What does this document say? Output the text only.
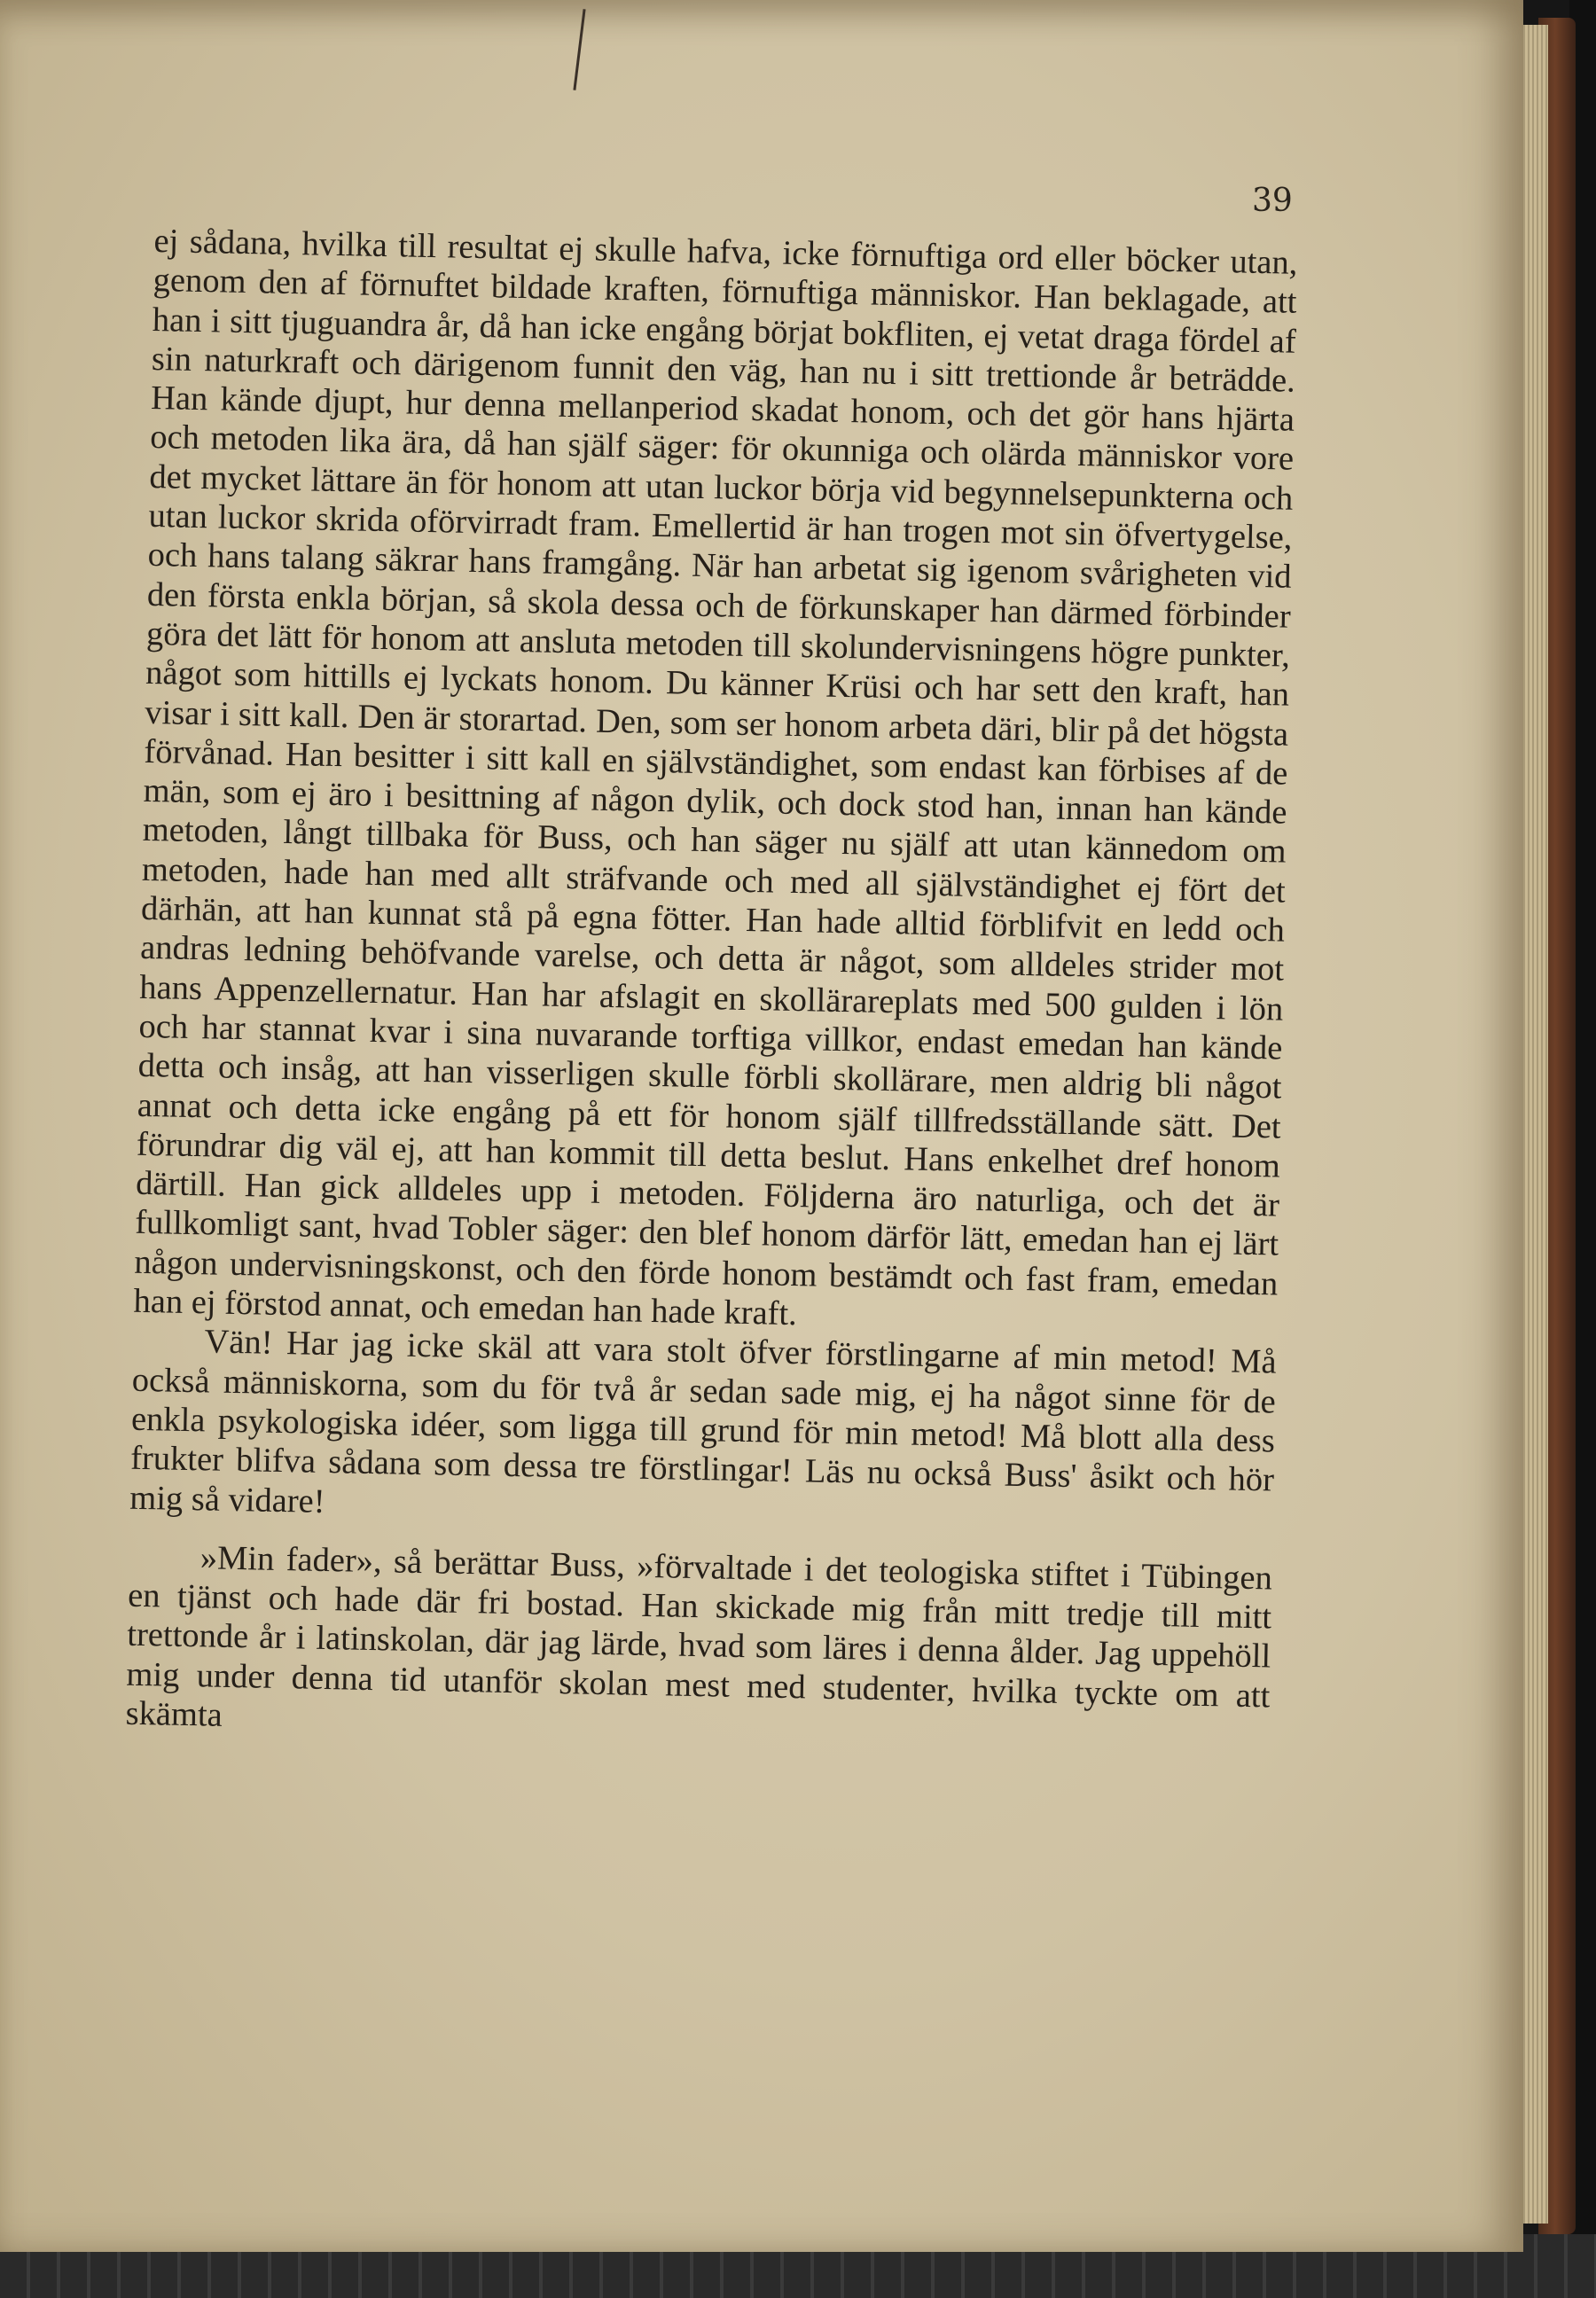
39

ej sådana, hvilka till resultat ej skulle hafva, icke förnuftiga ord eller böcker utan, genom den af förnuftet bildade kraften, förnuftiga människor. Han beklagade, att han i sitt tjuguandra år, då han icke engång börjat bokfliten, ej vetat draga fördel af sin naturkraft och därigenom funnit den väg, han nu i sitt trettionde år beträdde. Han kände djupt, hur denna mellanperiod skadat honom, och det gör hans hjärta och metoden lika ära, då han själf säger: för okunniga och olärda människor vore det mycket lättare än för honom att utan luckor börja vid begynnelsepunkterna och utan luckor skrida oförvirradt fram. Emellertid är han trogen mot sin öfvertygelse, och hans talang säkrar hans framgång. När han arbetat sig igenom svårigheten vid den första enkla början, så skola dessa och de förkunskaper han därmed förbinder göra det lätt för honom att ansluta metoden till skolundervisningens högre punkter, något som hittills ej lyckats honom. Du känner Krüsi och har sett den kraft, han visar i sitt kall. Den är storartad. Den, som ser honom arbeta däri, blir på det högsta förvånad. Han besitter i sitt kall en självständighet, som endast kan förbises af de män, som ej äro i besittning af någon dylik, och dock stod han, innan han kände metoden, långt tillbaka för Buss, och han säger nu själf att utan kännedom om metoden, hade han med allt sträfvande och med all självständighet ej fört det därhän, att han kunnat stå på egna fötter. Han hade alltid förblifvit en ledd och andras ledning behöfvande varelse, och detta är något, som alldeles strider mot hans Appenzellernatur. Han har afslagit en skollärareplats med 500 gulden i lön och har stannat kvar i sina nuvarande torftiga villkor, endast emedan han kände detta och insåg, att han visserligen skulle förbli skollärare, men aldrig bli något annat och detta icke engång på ett för honom själf tillfredsställande sätt. Det förundrar dig väl ej, att han kommit till detta beslut. Hans enkelhet dref honom därtill. Han gick alldeles upp i metoden. Följderna äro naturliga, och det är fullkomligt sant, hvad Tobler säger: den blef honom därför lätt, emedan han ej lärt någon undervisningskonst, och den förde honom bestämdt och fast fram, emedan han ej förstod annat, och emedan han hade kraft.

Vän! Har jag icke skäl att vara stolt öfver förstlingarne af min metod! Må också människorna, som du för två år sedan sade mig, ej ha något sinne för de enkla psykologiska idéer, som ligga till grund för min metod! Må blott alla dess frukter blifva sådana som dessa tre förstlingar! Läs nu också Buss' åsikt och hör mig så vidare!

»Min fader», så berättar Buss, »förvaltade i det teologiska stiftet i Tübingen en tjänst och hade där fri bostad. Han skickade mig från mitt tredje till mitt trettonde år i latinskolan, där jag lärde, hvad som läres i denna ålder. Jag uppehöll mig under denna tid utanför skolan mest med studenter, hvilka tyckte om att skämta
